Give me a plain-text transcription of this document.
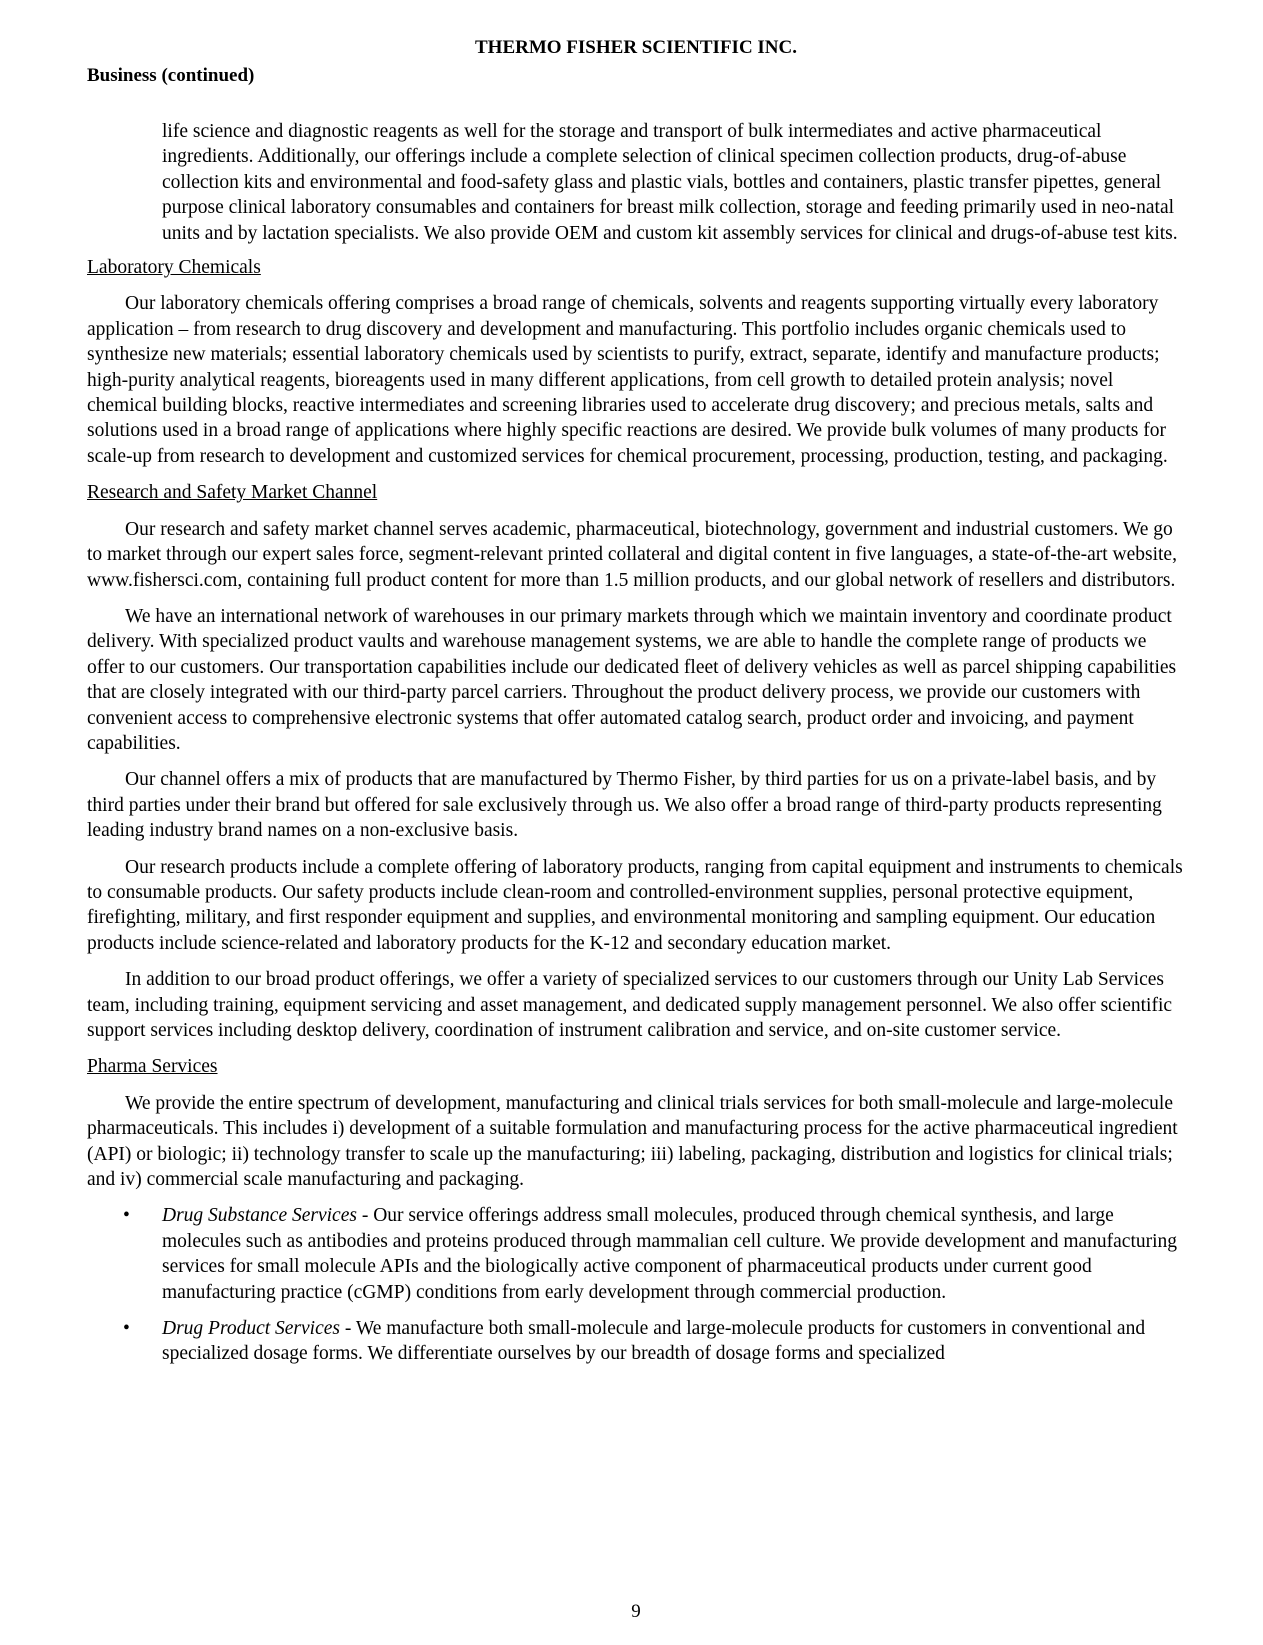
THERMO FISHER SCIENTIFIC INC.
Business (continued)

life science and diagnostic reagents as well for the storage and transport of bulk intermediates and active pharmaceutical ingredients. Additionally, our offerings include a complete selection of clinical specimen collection products, drug-of-abuse collection kits and environmental and food-safety glass and plastic vials, bottles and containers, plastic transfer pipettes, general purpose clinical laboratory consumables and containers for breast milk collection, storage and feeding primarily used in neo-natal units and by lactation specialists. We also provide OEM and custom kit assembly services for clinical and drugs-of-abuse test kits.

Laboratory Chemicals

Our laboratory chemicals offering comprises a broad range of chemicals, solvents and reagents supporting virtually every laboratory application – from research to drug discovery and development and manufacturing. This portfolio includes organic chemicals used to synthesize new materials; essential laboratory chemicals used by scientists to purify, extract, separate, identify and manufacture products; high-purity analytical reagents, bioreagents used in many different applications, from cell growth to detailed protein analysis; novel chemical building blocks, reactive intermediates and screening libraries used to accelerate drug discovery; and precious metals, salts and solutions used in a broad range of applications where highly specific reactions are desired. We provide bulk volumes of many products for scale-up from research to development and customized services for chemical procurement, processing, production, testing, and packaging.

Research and Safety Market Channel

Our research and safety market channel serves academic, pharmaceutical, biotechnology, government and industrial customers. We go to market through our expert sales force, segment-relevant printed collateral and digital content in five languages, a state-of-the-art website, www.fishersci.com, containing full product content for more than 1.5 million products, and our global network of resellers and distributors.

We have an international network of warehouses in our primary markets through which we maintain inventory and coordinate product delivery. With specialized product vaults and warehouse management systems, we are able to handle the complete range of products we offer to our customers. Our transportation capabilities include our dedicated fleet of delivery vehicles as well as parcel shipping capabilities that are closely integrated with our third-party parcel carriers. Throughout the product delivery process, we provide our customers with convenient access to comprehensive electronic systems that offer automated catalog search, product order and invoicing, and payment capabilities.

Our channel offers a mix of products that are manufactured by Thermo Fisher, by third parties for us on a private-label basis, and by third parties under their brand but offered for sale exclusively through us. We also offer a broad range of third-party products representing leading industry brand names on a non-exclusive basis.

Our research products include a complete offering of laboratory products, ranging from capital equipment and instruments to chemicals to consumable products. Our safety products include clean-room and controlled-environment supplies, personal protective equipment, firefighting, military, and first responder equipment and supplies, and environmental monitoring and sampling equipment. Our education products include science-related and laboratory products for the K-12 and secondary education market.

In addition to our broad product offerings, we offer a variety of specialized services to our customers through our Unity Lab Services team, including training, equipment servicing and asset management, and dedicated supply management personnel. We also offer scientific support services including desktop delivery, coordination of instrument calibration and service, and on-site customer service.

Pharma Services

We provide the entire spectrum of development, manufacturing and clinical trials services for both small-molecule and large-molecule pharmaceuticals. This includes i) development of a suitable formulation and manufacturing process for the active pharmaceutical ingredient (API) or biologic; ii) technology transfer to scale up the manufacturing; iii) labeling, packaging, distribution and logistics for clinical trials; and iv) commercial scale manufacturing and packaging.

• Drug Substance Services - Our service offerings address small molecules, produced through chemical synthesis, and large molecules such as antibodies and proteins produced through mammalian cell culture. We provide development and manufacturing services for small molecule APIs and the biologically active component of pharmaceutical products under current good manufacturing practice (cGMP) conditions from early development through commercial production.

• Drug Product Services - We manufacture both small-molecule and large-molecule products for customers in conventional and specialized dosage forms. We differentiate ourselves by our breadth of dosage forms and specialized

9
